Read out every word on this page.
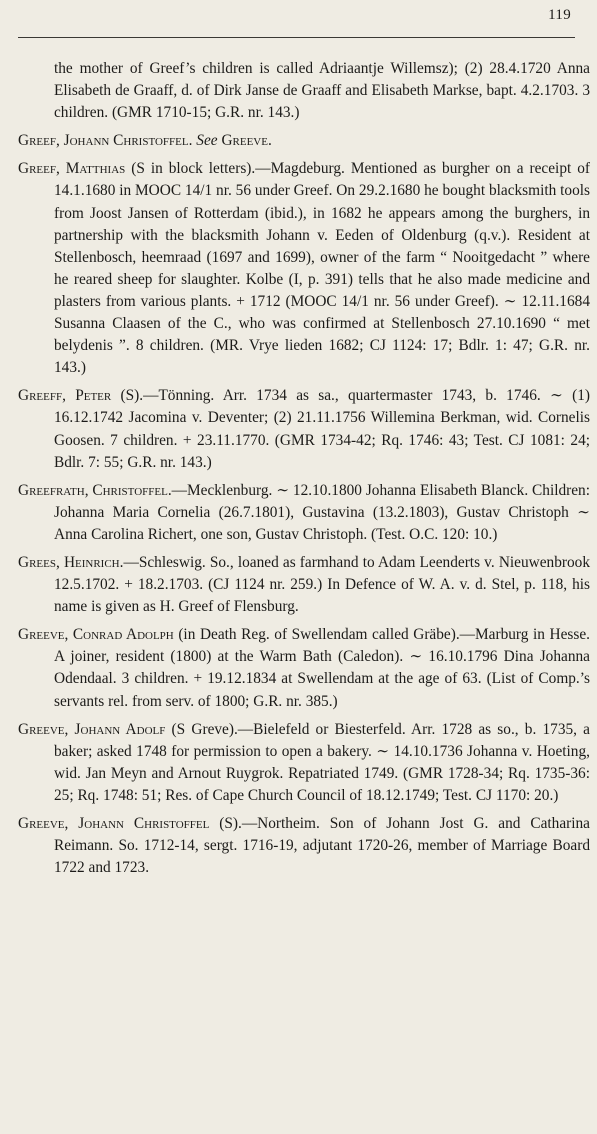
119

the mother of Greef’s children is called Adriaantje Willemsz); (2) 28.4.1720 Anna Elisabeth de Graaff, d. of Dirk Janse de Graaff and Elisabeth Markse, bapt. 4.2.1703. 3 children. (GMR 1710-15; G.R. nr. 143.)

Greef, Johann Christoffel. See Greeve.

Greef, Matthias (S in block letters).—Magdeburg. Mentioned as burgher on a receipt of 14.1.1680 in MOOC 14/1 nr. 56 under Greef. On 29.2.1680 he bought blacksmith tools from Joost Jansen of Rotterdam (ibid.), in 1682 he appears among the burghers, in partnership with the blacksmith Johann v. Eeden of Oldenburg (q.v.). Resident at Stellenbosch, heemraad (1697 and 1699), owner of the farm “ Nooitgedacht ” where he reared sheep for slaughter. Kolbe (I, p. 391) tells that he also made medicine and plasters from various plants. + 1712 (MOOC 14/1 nr. 56 under Greef). ∼ 12.11.1684 Susanna Claasen of the C., who was confirmed at Stellenbosch 27.10.1690 “ met belydenis ”. 8 children. (MR. Vrye lieden 1682; CJ 1124: 17; Bdlr. 1: 47; G.R. nr. 143.)

Greeff, Peter (S).—Tönning. Arr. 1734 as sa., quartermaster 1743, b. 1746. ∼ (1) 16.12.1742 Jacomina v. Deventer; (2) 21.11.1756 Willemina Berkman, wid. Cornelis Goosen. 7 children. + 23.11.1770. (GMR 1734-42; Rq. 1746: 43; Test. CJ 1081: 24; Bdlr. 7: 55; G.R. nr. 143.)

Greefrath, Christoffel.—Mecklenburg. ∼ 12.10.1800 Johanna Elisabeth Blanck. Children: Johanna Maria Cornelia (26.7.1801), Gustavina (13.2.1803), Gustav Christoph ∼ Anna Carolina Richert, one son, Gustav Christoph. (Test. O.C. 120: 10.)

Grees, Heinrich.—Schleswig. So., loaned as farmhand to Adam Leenderts v. Nieuwenbrook 12.5.1702. + 18.2.1703. (CJ 1124 nr. 259.) In Defence of W. A. v. d. Stel, p. 118, his name is given as H. Greef of Flensburg.

Greeve, Conrad Adolph (in Death Reg. of Swellendam called Gräbe).—Marburg in Hesse. A joiner, resident (1800) at the Warm Bath (Caledon). ∼ 16.10.1796 Dina Johanna Odendaal. 3 children. + 19.12.1834 at Swellendam at the age of 63. (List of Comp.’s servants rel. from serv. of 1800; G.R. nr. 385.)

Greeve, Johann Adolf (S Greve).—Bielefeld or Biesterfeld. Arr. 1728 as so., b. 1735, a baker; asked 1748 for permission to open a bakery. ∼ 14.10.1736 Johanna v. Hoeting, wid. Jan Meyn and Arnout Ruygrok. Repatriated 1749. (GMR 1728-34; Rq. 1735-36: 25; Rq. 1748: 51; Res. of Cape Church Council of 18.12.1749; Test. CJ 1170: 20.)

Greeve, Johann Christoffel (S).—Northeim. Son of Johann Jost G. and Catharina Reimann. So. 1712-14, sergt. 1716-19, adjutant 1720-26, member of Marriage Board 1722 and 1723.
